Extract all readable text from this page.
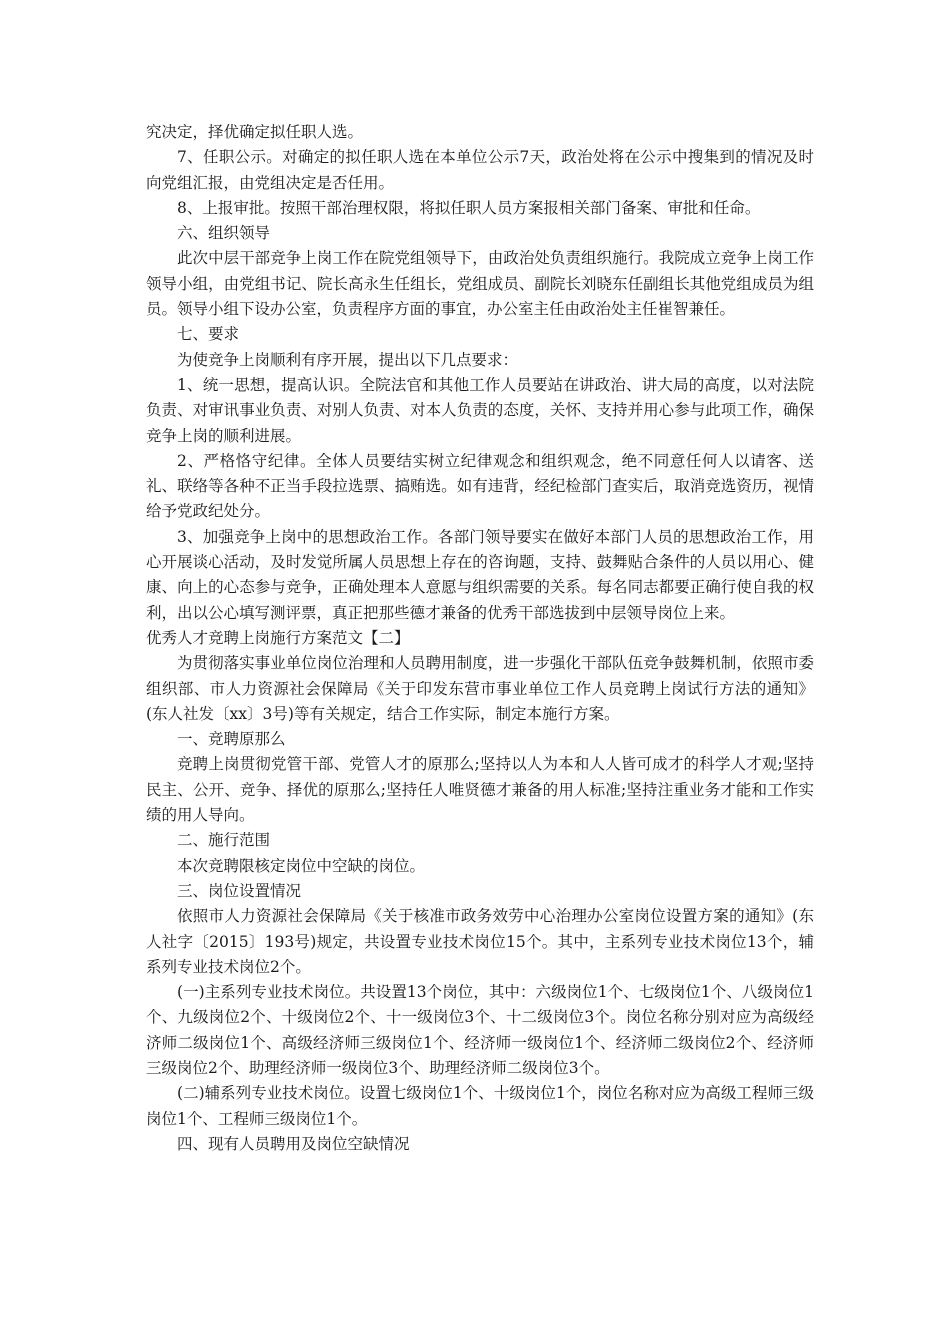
究决定，择优确定拟任职人选。

7、任职公示。对确定的拟任职人选在本单位公示7天，政治处将在公示中搜集到的情况及时向党组汇报，由党组决定是否任用。

8、上报审批。按照干部治理权限，将拟任职人员方案报相关部门备案、审批和任命。

六、组织领导

此次中层干部竞争上岗工作在院党组领导下，由政治处负责组织施行。我院成立竞争上岗工作领导小组，由党组书记、院长高永生任组长，党组成员、副院长刘晓东任副组长其他党组成员为组员。领导小组下设办公室，负责程序方面的事宜，办公室主任由政治处主任崔智兼任。

七、要求

为使竞争上岗顺利有序开展，提出以下几点要求：

1、统一思想，提高认识。全院法官和其他工作人员要站在讲政治、讲大局的高度，以对法院负责、对审讯事业负责、对别人负责、对本人负责的态度，关怀、支持并用心参与此项工作，确保竞争上岗的顺利进展。

2、严格恪守纪律。全体人员要结实树立纪律观念和组织观念，绝不同意任何人以请客、送礼、联络等各种不正当手段拉选票、搞贿选。如有违背，经纪检部门查实后，取消竞选资历，视情给予党政纪处分。

3、加强竞争上岗中的思想政治工作。各部门领导要实在做好本部门人员的思想政治工作，用心开展谈心活动，及时发觉所属人员思想上存在的咨询题，支持、鼓舞贴合条件的人员以用心、健康、向上的心态参与竞争，正确处理本人意愿与组织需要的关系。每名同志都要正确行使自我的权利，出以公心填写测评票，真正把那些德才兼备的优秀干部选拔到中层领导岗位上来。

优秀人才竞聘上岗施行方案范文【二】

为贯彻落实事业单位岗位治理和人员聘用制度，进一步强化干部队伍竞争鼓舞机制，依照市委组织部、市人力资源社会保障局《关于印发东营市事业单位工作人员竞聘上岗试行方法的通知》(东人社发〔xx〕3号)等有关规定，结合工作实际，制定本施行方案。

一、竞聘原那么

竞聘上岗贯彻党管干部、党管人才的原那么;坚持以人为本和人人皆可成才的科学人才观;坚持民主、公开、竞争、择优的原那么;坚持任人唯贤德才兼备的用人标准;坚持注重业务才能和工作实绩的用人导向。

二、施行范围

本次竞聘限核定岗位中空缺的岗位。

三、岗位设置情况

依照市人力资源社会保障局《关于核准市政务效劳中心治理办公室岗位设置方案的通知》(东人社字〔2015〕193号)规定，共设置专业技术岗位15个。其中，主系列专业技术岗位13个，辅系列专业技术岗位2个。

(一)主系列专业技术岗位。共设置13个岗位，其中：六级岗位1个、七级岗位1个、八级岗位1个、九级岗位2个、十级岗位2个、十一级岗位3个、十二级岗位3个。岗位名称分别对应为高级经济师二级岗位1个、高级经济师三级岗位1个、经济师一级岗位1个、经济师二级岗位2个、经济师三级岗位2个、助理经济师一级岗位3个、助理经济师二级岗位3个。

(二)辅系列专业技术岗位。设置七级岗位1个、十级岗位1个，岗位名称对应为高级工程师三级岗位1个、工程师三级岗位1个。

四、现有人员聘用及岗位空缺情况
